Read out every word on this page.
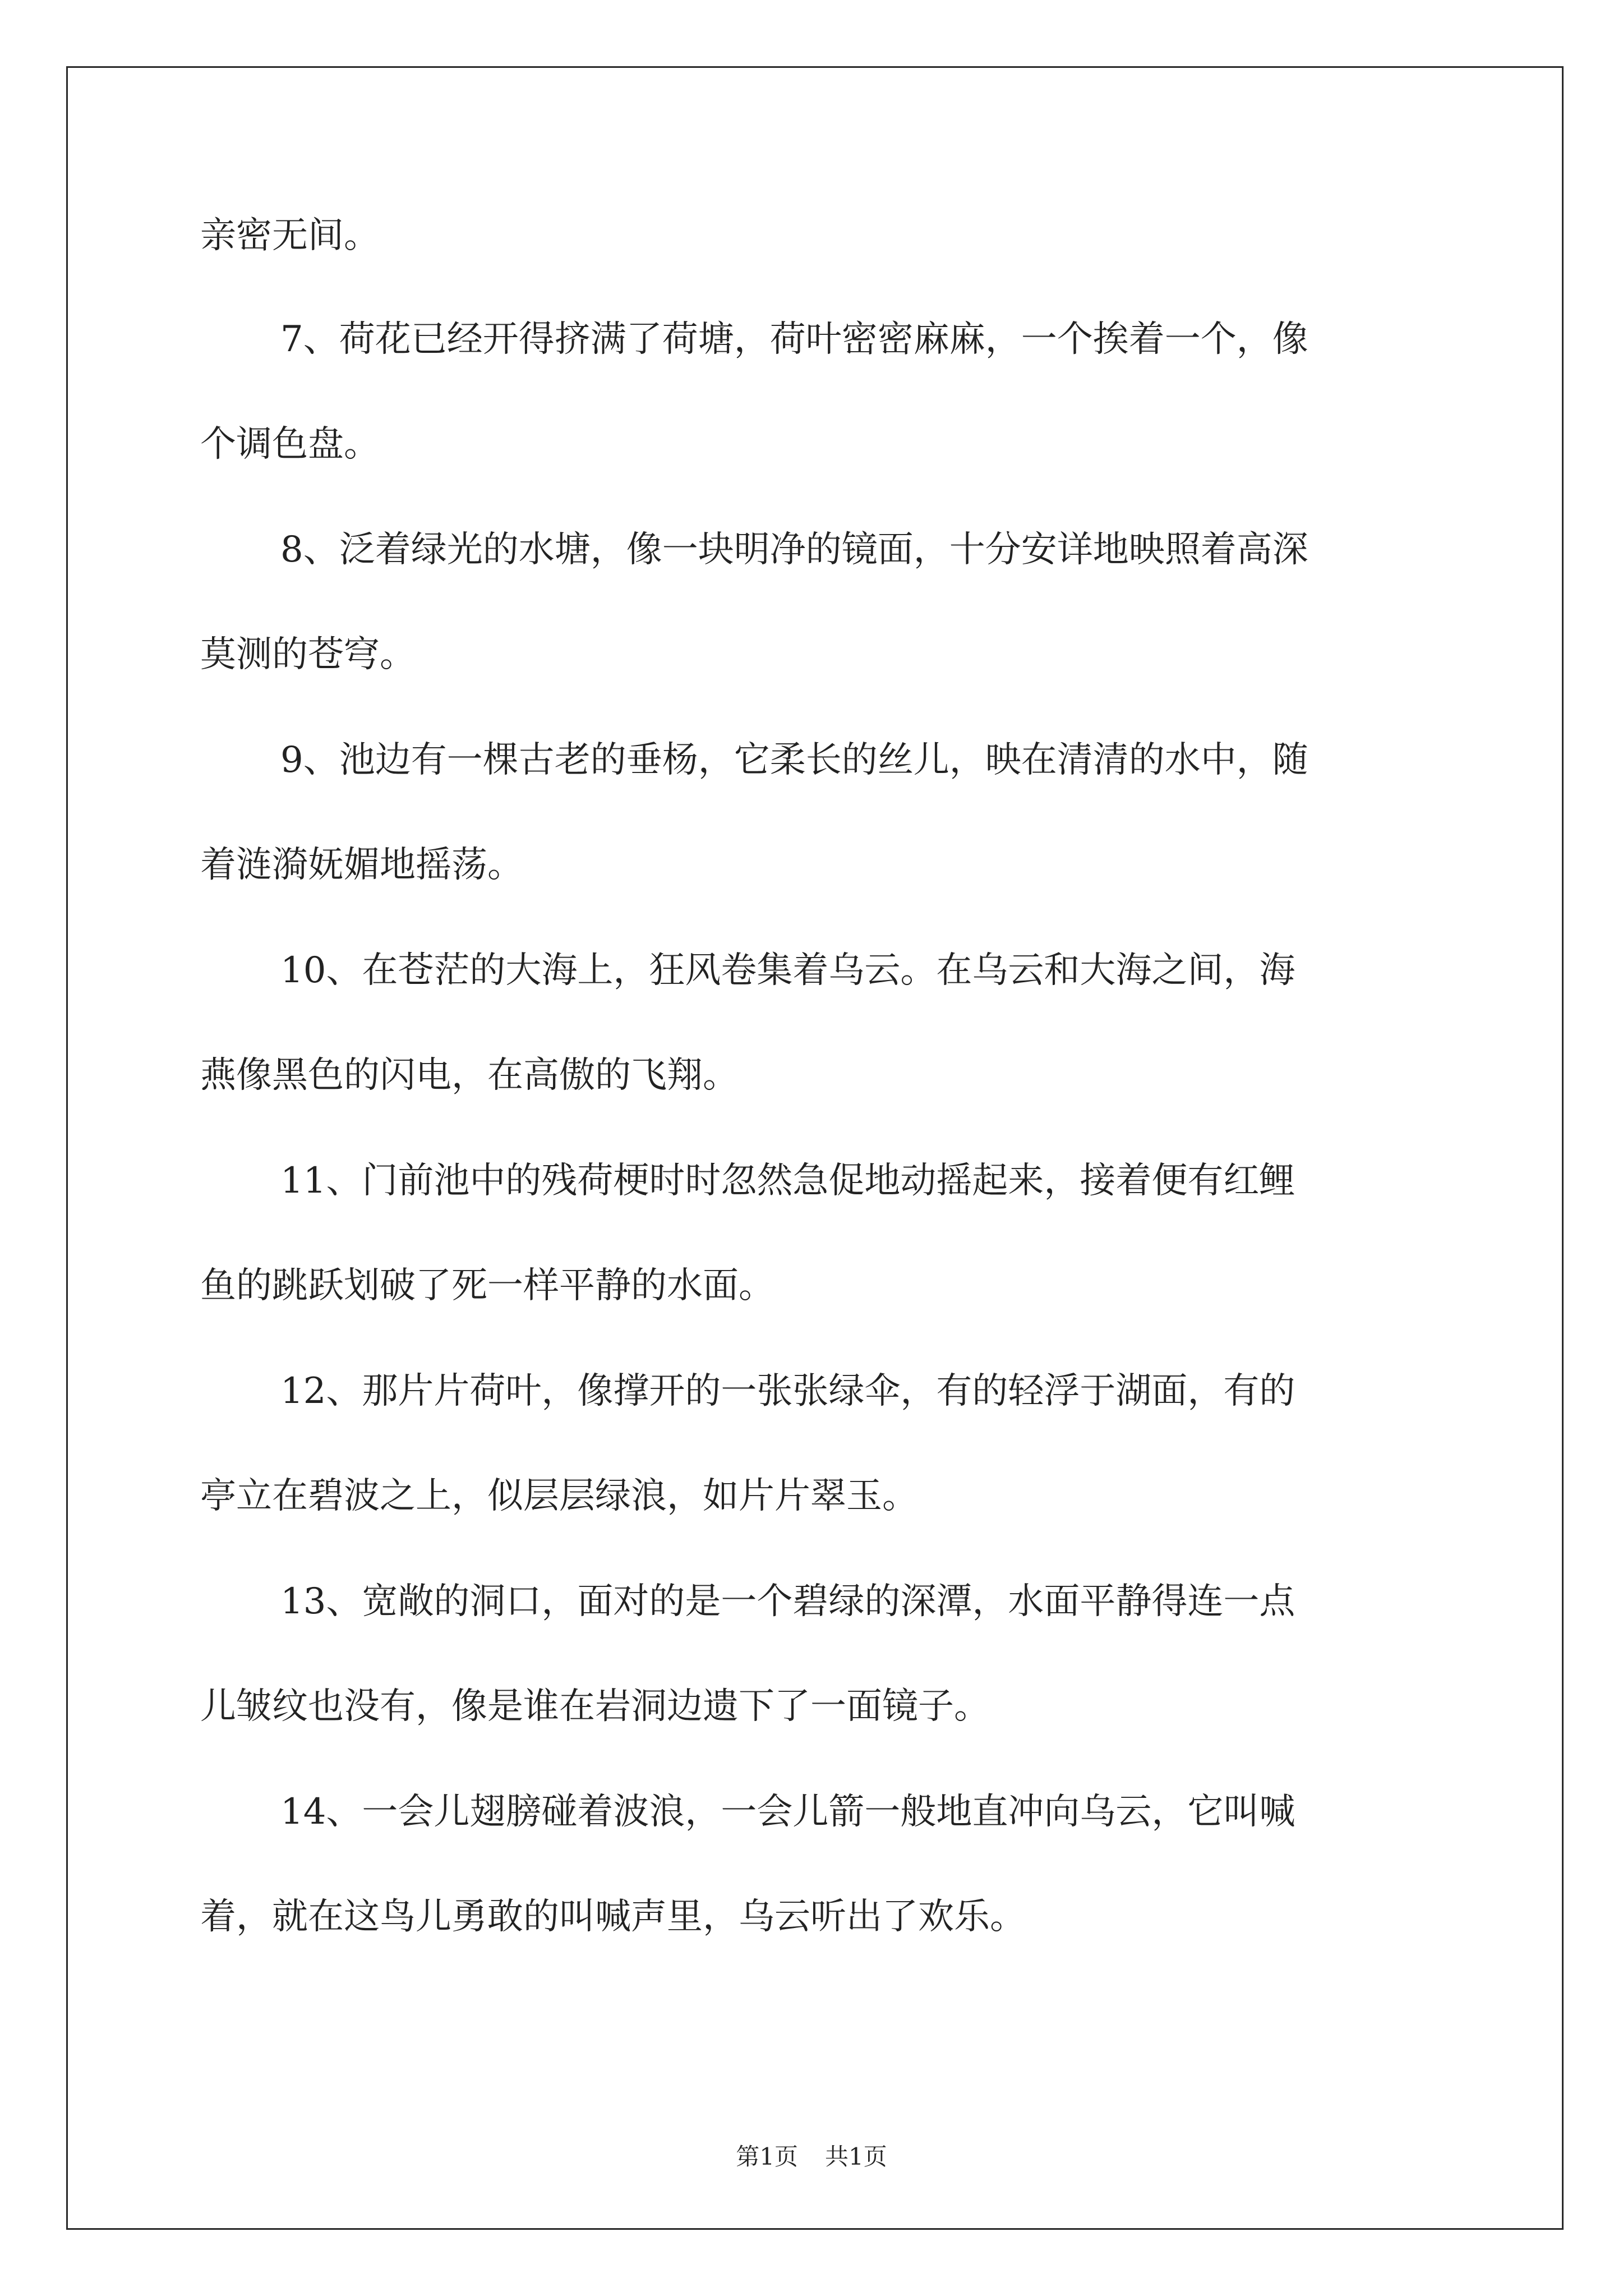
亲密无间。
7、荷花已经开得挤满了荷塘，荷叶密密麻麻，一个挨着一个，像
个调色盘。
8、泛着绿光的水塘，像一块明净的镜面，十分安详地映照着高深
莫测的苍穹。
9、池边有一棵古老的垂杨，它柔长的丝儿，映在清清的水中，随
着涟漪妩媚地摇荡。
10、在苍茫的大海上，狂风卷集着乌云。在乌云和大海之间，海
燕像黑色的闪电，在高傲的飞翔。
11、门前池中的残荷梗时时忽然急促地动摇起来，接着便有红鲤
鱼的跳跃划破了死一样平静的水面。
12、那片片荷叶，像撑开的一张张绿伞，有的轻浮于湖面，有的
亭立在碧波之上，似层层绿浪，如片片翠玉。
13、宽敞的洞口，面对的是一个碧绿的深潭，水面平静得连一点
儿皱纹也没有，像是谁在岩洞边遗下了一面镜子。
14、一会儿翅膀碰着波浪，一会儿箭一般地直冲向乌云，它叫喊
着，就在这鸟儿勇敢的叫喊声里，乌云听出了欢乐。
第1页 共1页
